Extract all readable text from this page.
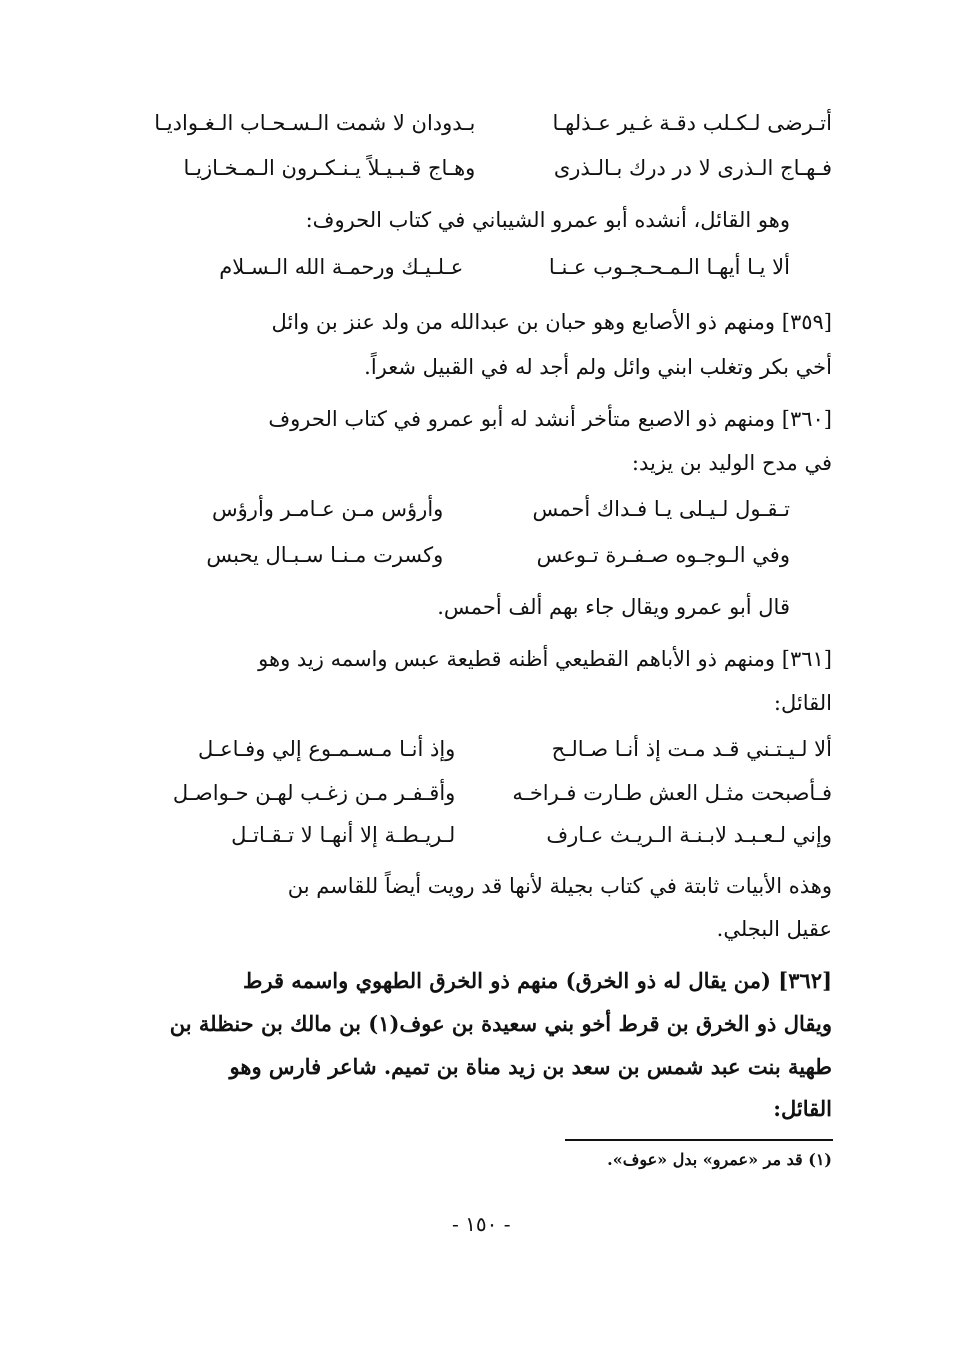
أتـرضى لـكـلب دقـة غـير عـذلهـا بـدودان لا شمت الـسـحـاب الـغـواديـا
فـهـاج الـذرى لا در درك بـالـذرى وهـاج قـبـيـلاً يـنـكـرون الـمـخـازيـا
وهو القائل، أنشده أبو عمرو الشيباني في كتاب الحروف:
ألا يـا أيهـا الـمـحـجـوب عـنـا عـلـيـك ورحمـة الله الـسـلام
[٣٥٩] ومنهم ذو الأصابع وهو حبان بن عبدالله من ولد عنز بن وائل
أخي بكر وتغلب ابني وائل ولم أجد له في القبيل شعراً.
[٣٦٠] ومنهم ذو الاصبع متأخر أنشد له أبو عمرو في كتاب الحروف
في مدح الوليد بن يزيد:
تـقـول لـيـلى يـا فـداك أحمس وأرؤس مـن عـامـر وأرؤس
وفي الـوجـوه صـفـرة تـوعس وكسرت مـنـا سـبـال يحبس
قال أبو عمرو ويقال جاء بهم ألف أحمس.
[٣٦١] ومنهم ذو الأباهم القطيعي أظنه قطيعة عبس واسمه زيد وهو
القائل:
ألا لـيـتـني قـد مـت إذ أنـا صـالـح وإذ أنـا مـسـمـوع إلي وفـاعـل
فـأصبحت مثـل العش طـارت فـراخـه وأقـفـر مـن زغـب لهـن حـواصـل
وإني لـعـبـد لابـنـة الـريـث عـارف لـريـطـة إلا أنهـا لا تـقـاتـل
وهذه الأبيات ثابتة في كتاب بجيلة لأنها قد رويت أيضاً للقاسم بن
عقيل البجلي.
[٣٦٢] (من يقال له ذو الخرق) منهم ذو الخرق الطهوي واسمه قرط
ويقال ذو الخرق بن قرط أخو بني سعيدة بن عوف(١) بن مالك بن حنظلة بن
طهية بنت عبد شمس بن سعد بن زيد مناة بن تميم. شاعر فارس وهو
القائل:
(١) قد مر «عمرو» بدل «عوف».
- ١٥٠ -
